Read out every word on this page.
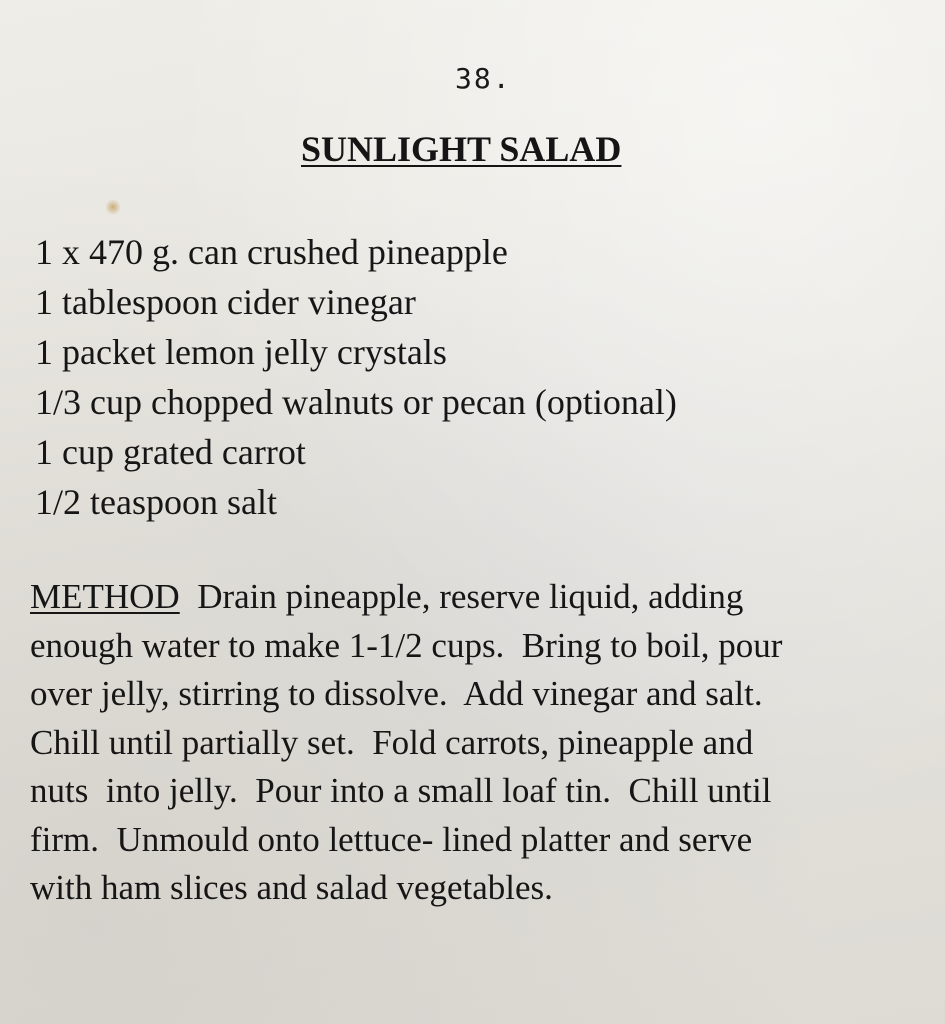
38.
SUNLIGHT SALAD
1 x 470 g. can crushed pineapple
1 tablespoon cider vinegar
1 packet lemon jelly crystals
1/3 cup chopped walnuts or pecan (optional)
1 cup grated carrot
1/2 teaspoon salt
METHOD  Drain pineapple, reserve liquid, adding
enough water to make 1-1/2 cups.  Bring to boil, pour
over jelly, stirring to dissolve.  Add vinegar and salt.
Chill until partially set.  Fold carrots, pineapple and
nuts  into jelly.  Pour into a small loaf tin.  Chill until
firm.  Unmould onto lettuce- lined platter and serve
with ham slices and salad vegetables.
